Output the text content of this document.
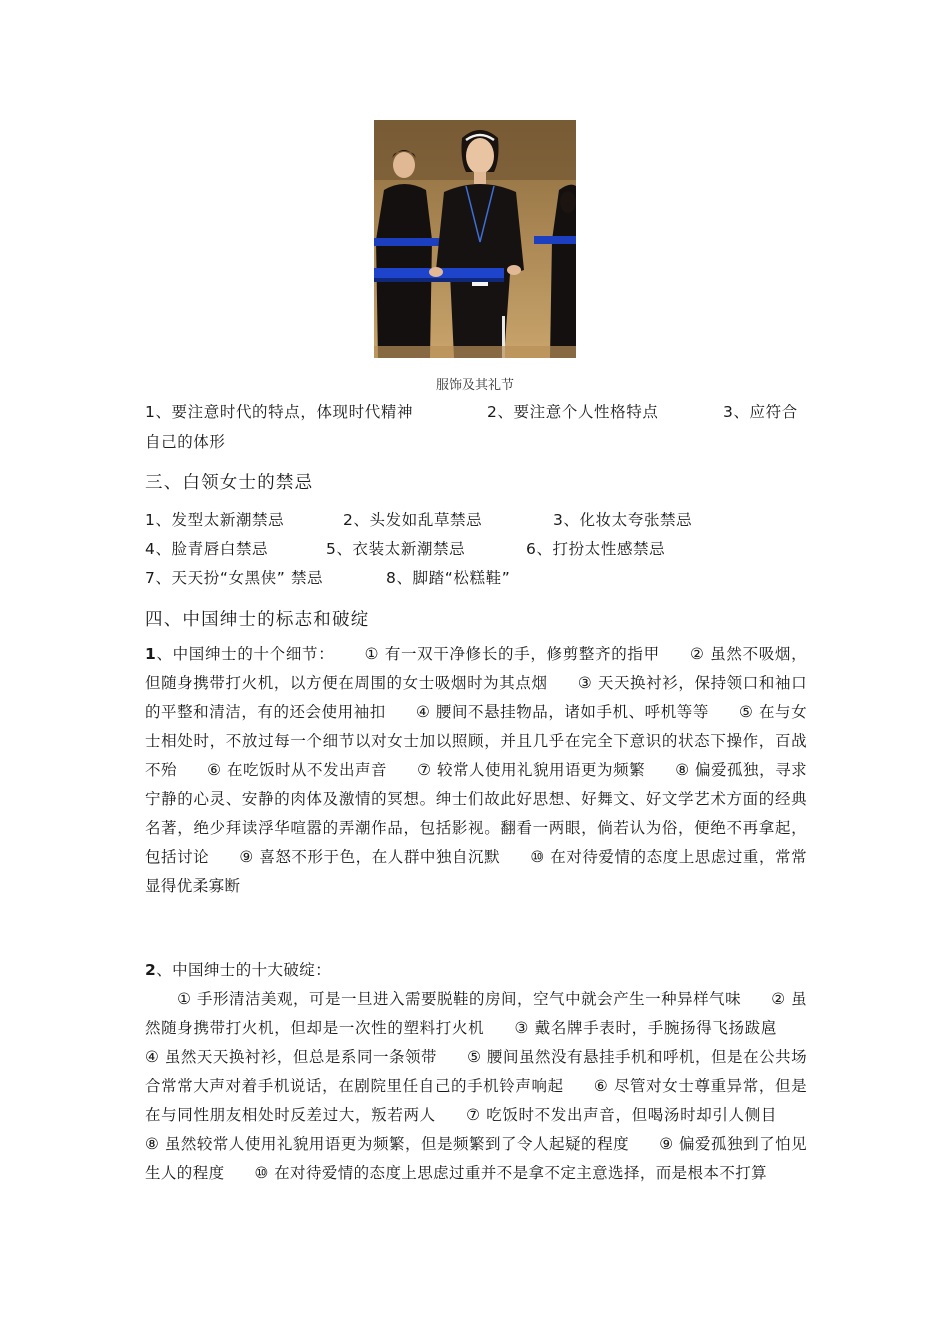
服饰及其礼节
1、要注意时代的特点，体现时代精神	2、要注意个人性格特点	3、应符合
自己的体形
三、白领女士的禁忌
1、发型太新潮禁忌	2、头发如乱草禁忌	3、化妆太夸张禁忌
4、脸青唇白禁忌	5、衣装太新潮禁忌	6、打扮太性感禁忌
7、天天扮“女黑侠” 禁忌	8、脚踏“松糕鞋”
四、中国绅士的标志和破绽
1、中国绅士的十个细节： ① 有一双干净修长的手，修剪整齐的指甲 ② 虽然不吸烟，但随身携带打火机，以方便在周围的女士吸烟时为其点烟 ③ 天天换衬衫，保持领口和袖口的平整和清洁，有的还会使用袖扣 ④ 腰间不悬挂物品，诸如手机、呼机等等 ⑤ 在与女士相处时，不放过每一个细节以对女士加以照顾，并且几乎在完全下意识的状态下操作，百战不殆 ⑥ 在吃饭时从不发出声音 ⑦ 较常人使用礼貌用语更为频繁 ⑧ 偏爱孤独，寻求宁静的心灵、安静的肉体及激情的冥想。绅士们故此好思想、好舞文、好文学艺术方面的经典名著，绝少拜读浮华喧嚣的弄潮作品，包括影视。翻看一两眼，倘若认为俗，便绝不再拿起，包括讨论 ⑨ 喜怒不形于色，在人群中独自沉默 ⑩ 在对待爱情的态度上思虑过重，常常显得优柔寡断
2、中国绅士的十大破绽：
① 手形清洁美观，可是一旦进入需要脱鞋的房间，空气中就会产生一种异样气味 ② 虽然随身携带打火机，但却是一次性的塑料打火机 ③ 戴名牌手表时，手腕扬得飞扬跋扈④ 虽然天天换衬衫，但总是系同一条领带 ⑤ 腰间虽然没有悬挂手机和呼机，但是在公共场合常常大声对着手机说话，在剧院里任自己的手机铃声响起 ⑥ 尽管对女士尊重异常，但是在与同性朋友相处时反差过大，叛若两人 ⑦ 吃饭时不发出声音，但喝汤时却引人侧目⑧ 虽然较常人使用礼貌用语更为频繁，但是频繁到了令人起疑的程度 ⑨ 偏爱孤独到了怕见生人的程度 ⑩ 在对待爱情的态度上思虑过重并不是拿不定主意选择，而是根本不打算
